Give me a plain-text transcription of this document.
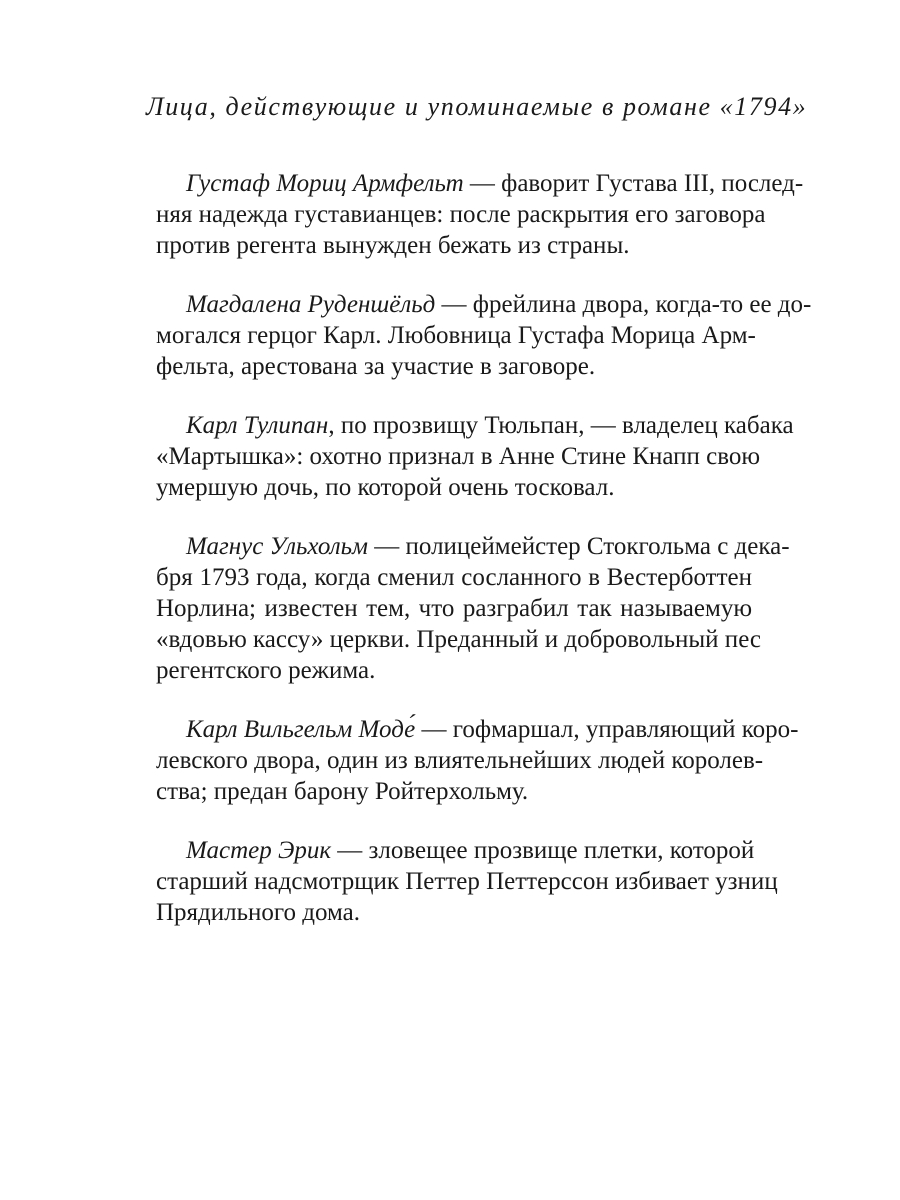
Лица, действующие и упоминаемые в романе «1794»
Густаф Мориц Армфельт — фаворит Густава III, послед-
няя надежда густавианцев: после раскрытия его заговора
против регента вынужден бежать из страны.
Магдалена Руденшёльд — фрейлина двора, когда-то ее до-
могался герцог Карл. Любовница Густафа Морица Арм-
фельта, арестована за участие в заговоре.
Карл Тулипан, по прозвищу Тюльпан, — владелец кабака
«Мартышка»: охотно признал в Анне Стине Кнапп свою
умершую дочь, по которой очень тосковал.
Магнус Ульхольм — полицеймейстер Стокгольма с дека-
бря 1793 года, когда сменил сосланного в Вестерботтен
Норлина; известен тем, что разграбил так называемую
«вдовью кассу» церкви. Преданный и добровольный пес
регентского режима.
Карл Вильгельм Моде́ — гофмаршал, управляющий коро-
левского двора, один из влиятельнейших людей королев-
ства; предан барону Ройтерхольму.
Мастер Эрик — зловещее прозвище плетки, которой
старший надсмотрщик Петтер Петтерссон избивает узниц
Прядильного дома.
